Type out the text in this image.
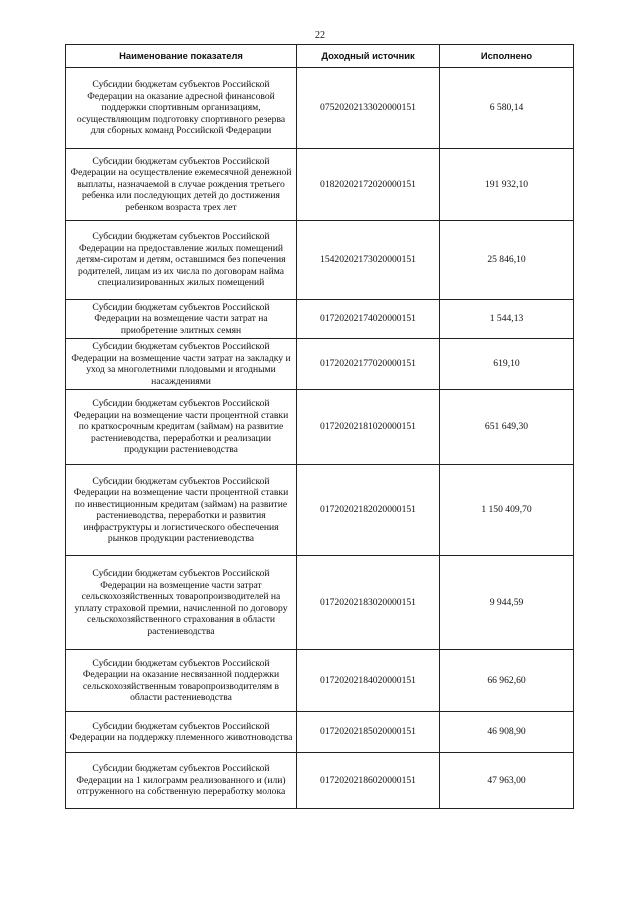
22
Наименование показателя	Доходный источник	Исполнено
Субсидии бюджетам субъектов Российской Федерации на оказание адресной финансовой поддержки спортивным организациям, осуществляющим подготовку спортивного резерва для сборных команд Российской Федерации	07520202133020000151	6 580,14
Субсидии бюджетам субъектов Российской Федерации на осуществление ежемесячной денежной выплаты, назначаемой в случае рождения третьего ребенка или последующих детей до достижения ребенком возраста трех лет	01820202172020000151	191 932,10
Субсидии бюджетам субъектов Российской Федерации на предоставление жилых помещений детям-сиротам и детям, оставшимся без попечения родителей, лицам из их числа по договорам найма специализированных жилых помещений	15420202173020000151	25 846,10
Субсидии бюджетам субъектов Российской Федерации на возмещение части затрат на приобретение элитных семян	01720202174020000151	1 544,13
Субсидии бюджетам субъектов Российской Федерации на возмещение части затрат на закладку и уход за многолетними плодовыми и ягодными насаждениями	01720202177020000151	619,10
Субсидии бюджетам субъектов Российской Федерации на возмещение части процентной ставки по краткосрочным кредитам (займам) на развитие растениеводства, переработки и реализации продукции растениеводства	01720202181020000151	651 649,30
Субсидии бюджетам субъектов Российской Федерации на возмещение части процентной ставки по инвестиционным кредитам (займам) на развитие растениеводства, переработки и развития инфраструктуры и логистического обеспечения рынков продукции растениеводства	01720202182020000151	1 150 409,70
Субсидии бюджетам субъектов Российской Федерации на возмещение части затрат сельскохозяйственных товаропроизводителей на уплату страховой премии, начисленной по договору сельскохозяйственного страхования в области растениеводства	01720202183020000151	9 944,59
Субсидии бюджетам субъектов Российской Федерации на оказание несвязанной поддержки сельскохозяйственным товаропроизводителям в области растениеводства	01720202184020000151	66 962,60
Субсидии бюджетам субъектов Российской Федерации на поддержку племенного животноводства	01720202185020000151	46 908,90
Субсидии бюджетам субъектов Российской Федерации на 1 килограмм реализованного и (или) отгруженного на собственную переработку молока	01720202186020000151	47 963,00
